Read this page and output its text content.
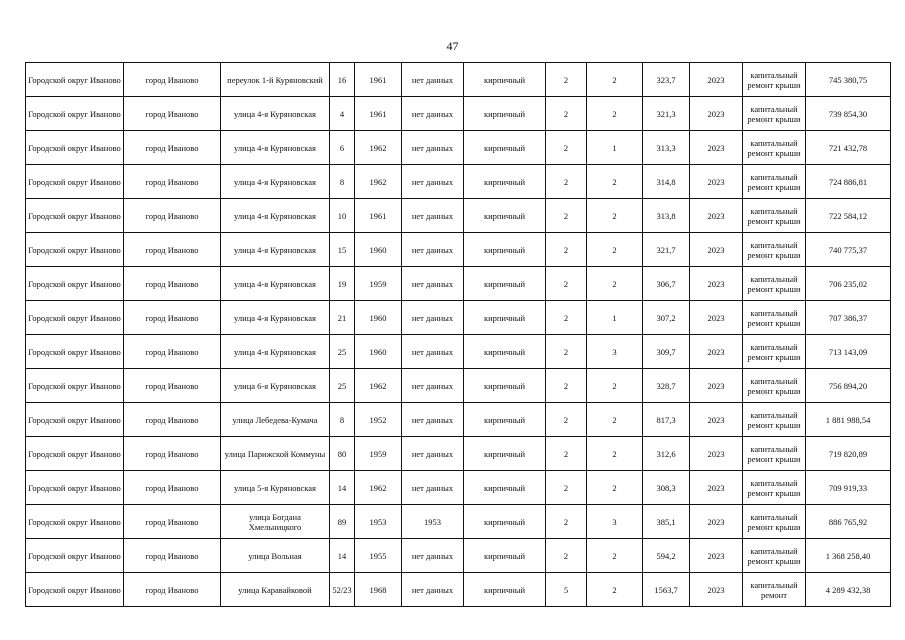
47
Городской округ Иваново	город Иваново	переулок 1-й Куряновский	16	1961	нет данных	кирпичный	2	2	323,7	2023	капитальный ремонт крыши	745 380,75
Городской округ Иваново	город Иваново	улица 4-я Куряновская	4	1961	нет данных	кирпичный	2	2	321,3	2023	капитальный ремонт крыши	739 854,30
Городской округ Иваново	город Иваново	улица 4-я Куряновская	6	1962	нет данных	кирпичный	2	1	313,3	2023	капитальный ремонт крыши	721 432,78
Городской округ Иваново	город Иваново	улица 4-я Куряновская	8	1962	нет данных	кирпичный	2	2	314,8	2023	капитальный ремонт крыши	724 886,81
Городской округ Иваново	город Иваново	улица 4-я Куряновская	10	1961	нет данных	кирпичный	2	2	313,8	2023	капитальный ремонт крыши	722 584,12
Городской округ Иваново	город Иваново	улица 4-я Куряновская	15	1960	нет данных	кирпичный	2	2	321,7	2023	капитальный ремонт крыши	740 775,37
Городской округ Иваново	город Иваново	улица 4-я Куряновская	19	1959	нет данных	кирпичный	2	2	306,7	2023	капитальный ремонт крыши	706 235,02
Городской округ Иваново	город Иваново	улица 4-я Куряновская	21	1960	нет данных	кирпичный	2	1	307,2	2023	капитальный ремонт крыши	707 386,37
Городской округ Иваново	город Иваново	улица 4-я Куряновская	25	1960	нет данных	кирпичный	2	3	309,7	2023	капитальный ремонт крыши	713 143,09
Городской округ Иваново	город Иваново	улица 6-я Куряновская	25	1962	нет данных	кирпичный	2	2	328,7	2023	капитальный ремонт крыши	756 894,20
Городской округ Иваново	город Иваново	улица Лебедева-Кумача	8	1952	нет данных	кирпичный	2	2	817,3	2023	капитальный ремонт крыши	1 881 988,54
Городской округ Иваново	город Иваново	улица Парижской Коммуны	80	1959	нет данных	кирпичный	2	2	312,6	2023	капитальный ремонт крыши	719 820,89
Городской округ Иваново	город Иваново	улица 5-я Куряновская	14	1962	нет данных	кирпичный	2	2	308,3	2023	капитальный ремонт крыши	709 919,33
Городской округ Иваново	город Иваново	улица Богдана Хмельницкого	89	1953	1953	кирпичный	2	3	385,1	2023	капитальный ремонт крыши	886 765,92
Городской округ Иваново	город Иваново	улица Вольная	14	1955	нет данных	кирпичный	2	2	594,2	2023	капитальный ремонт крыши	1 368 258,40
Городской округ Иваново	город Иваново	улица Каравайковой	52/23	1968	нет данных	кирпичный	5	2	1563,7	2023	капитальный ремонт	4 289 432,38
